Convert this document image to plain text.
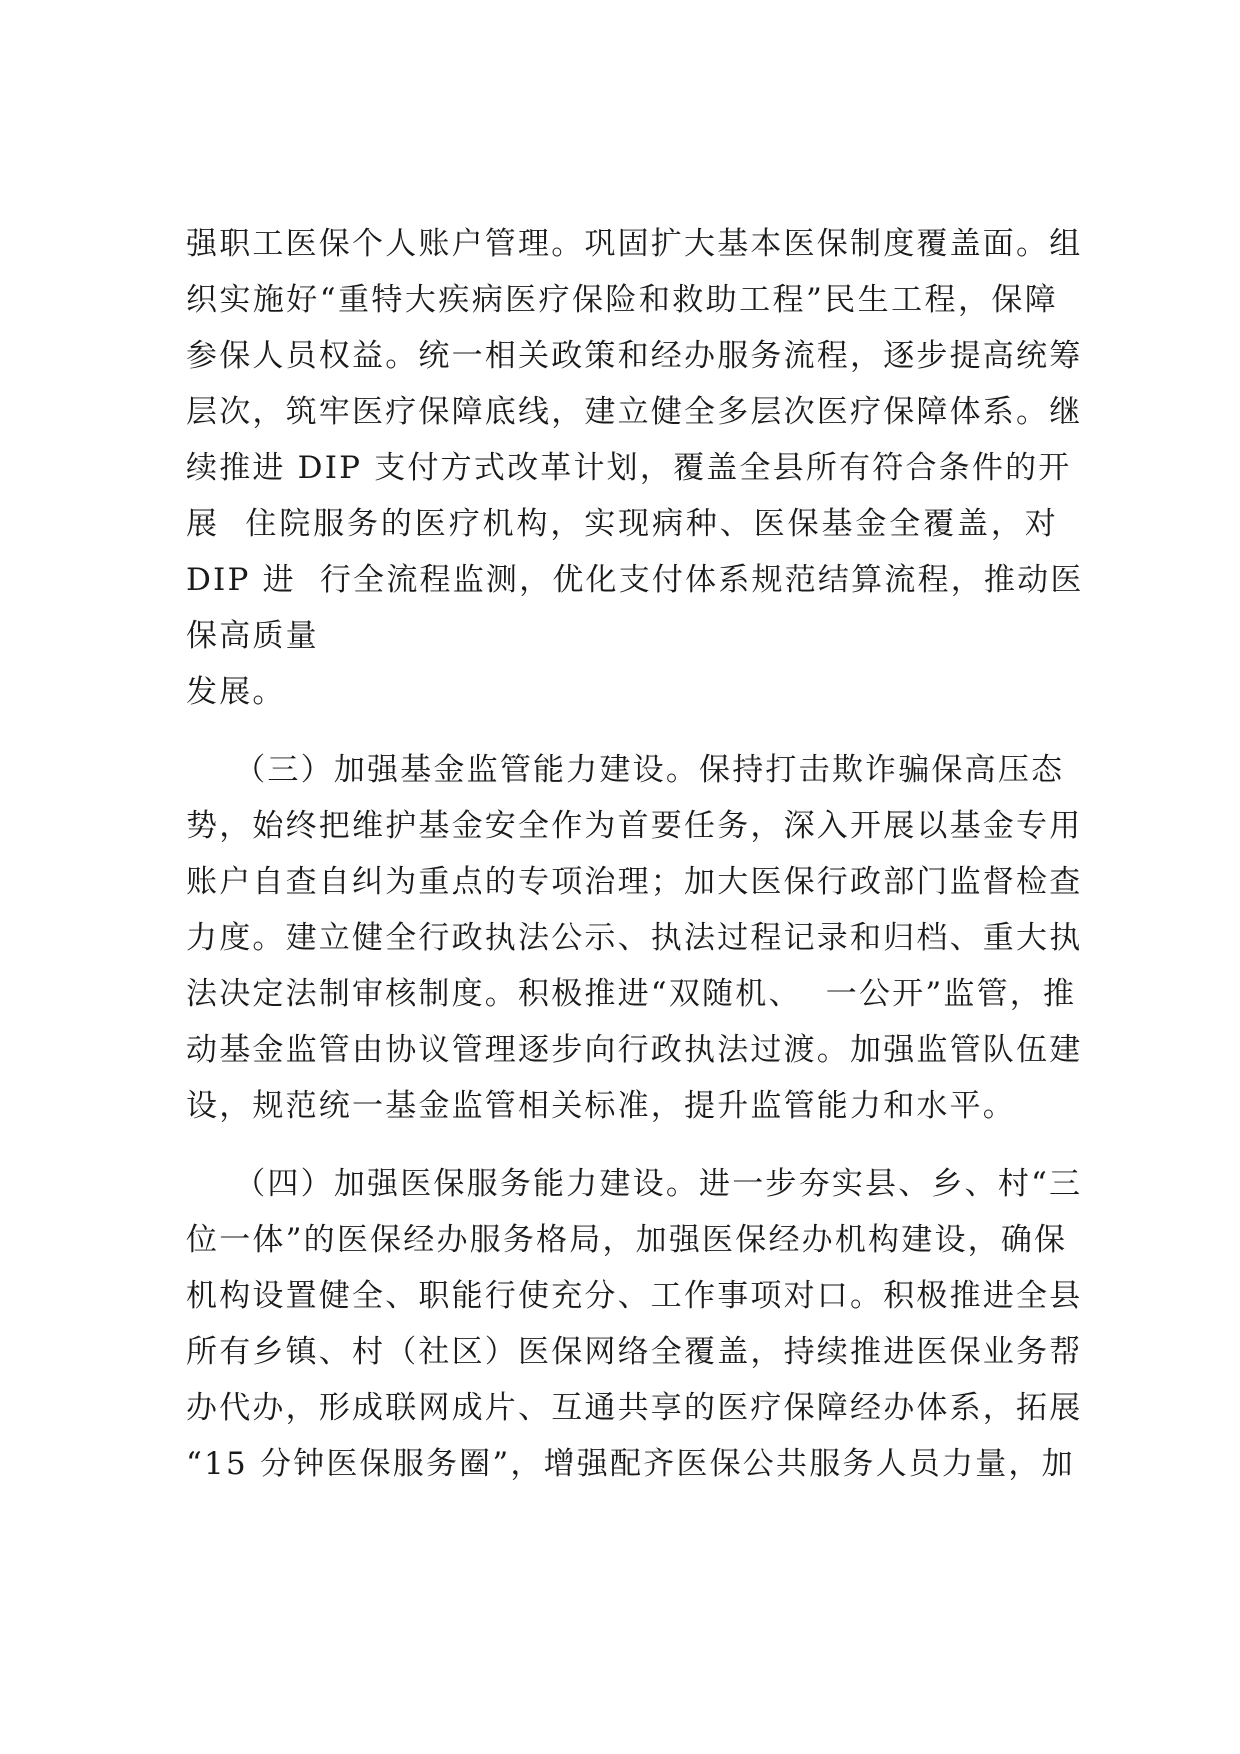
强职工医保个人账户管理。巩固扩大基本医保制度覆盖面。组
织实施好“重特大疾病医疗保险和救助工程”民生工程，保障
参保人员权益。统一相关政策和经办服务流程，逐步提高统筹
层次，筑牢医疗保障底线，建立健全多层次医疗保障体系。继
续推进 DIP 支付方式改革计划，覆盖全县所有符合条件的开
展  住院服务的医疗机构，实现病种、医保基金全覆盖，对
DIP 进  行全流程监测，优化支付体系规范结算流程，推动医
保高质量
发展。
（三）加强基金监管能力建设。保持打击欺诈骗保高压态
势，始终把维护基金安全作为首要任务，深入开展以基金专用
账户自查自纠为重点的专项治理；加大医保行政部门监督检查
力度。建立健全行政执法公示、执法过程记录和归档、重大执
法决定法制审核制度。积极推进“双随机、  一公开”监管，推
动基金监管由协议管理逐步向行政执法过渡。加强监管队伍建
设，规范统一基金监管相关标准，提升监管能力和水平。
（四）加强医保服务能力建设。进一步夯实县、乡、村“三
位一体”的医保经办服务格局，加强医保经办机构建设，确保
机构设置健全、职能行使充分、工作事项对口。积极推进全县
所有乡镇、村（社区）医保网络全覆盖，持续推进医保业务帮
办代办，形成联网成片、互通共享的医疗保障经办体系，拓展
“15 分钟医保服务圈”，增强配齐医保公共服务人员力量，加
